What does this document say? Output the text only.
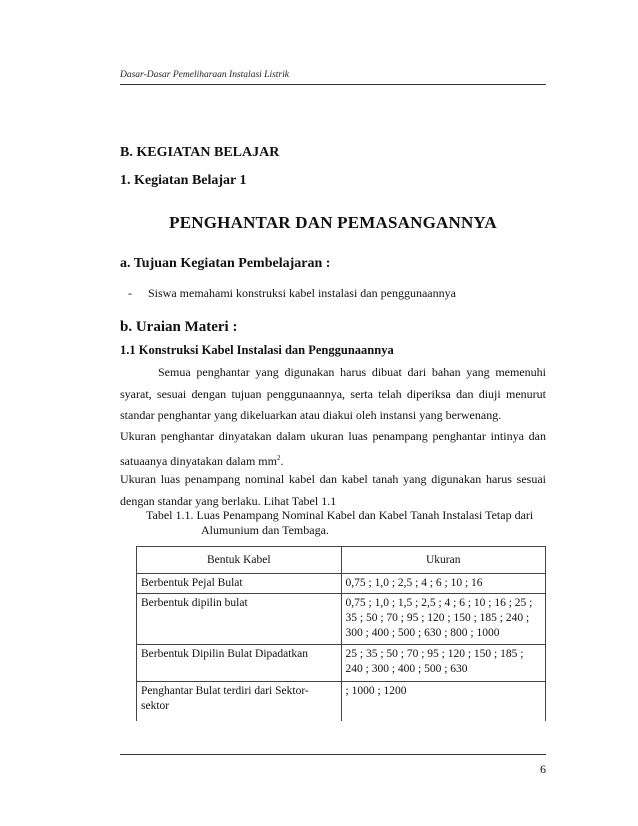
Dasar-Dasar Pemeliharaan Instalasi Listrik
B. KEGIATAN BELAJAR
1. Kegiatan Belajar 1
PENGHANTAR DAN PEMASANGANNYA
a. Tujuan Kegiatan Pembelajaran :
- Siswa memahami konstruksi kabel instalasi dan penggunaannya
b. Uraian Materi :
1.1 Konstruksi Kabel Instalasi dan Penggunaannya
Semua penghantar yang digunakan harus dibuat dari bahan yang memenuhi syarat, sesuai dengan tujuan penggunaannya, serta telah diperiksa dan diuji menurut standar penghantar yang dikeluarkan atau diakui oleh instansi yang berwenang.
Ukuran penghantar dinyatakan dalam ukuran luas penampang penghantar intinya dan satuaanya dinyatakan dalam $mm^2$.
Ukuran luas penampang nominal kabel dan kabel tanah yang digunakan harus sesuai dengan standar yang berlaku. Lihat Tabel 1.1
Tabel 1.1. Luas Penampang Nominal Kabel dan Kabel Tanah Instalasi Tetap dari
Alumunium dan Tembaga.
Bentuk Kabel	Ukuran
Berbentuk Pejal Bulat	0,75 ; 1,0 ; 2,5 ; 4 ; 6 ; 10 ; 16
Berbentuk dipilin bulat	0,75 ; 1,0 ; 1,5 ; 2,5 ; 4 ; 6 ; 10 ; 16 ; 25 ; 35 ; 50 ; 70 ; 95 ; 120 ; 150 ; 185 ; 240 ; 300 ; 400 ; 500 ; 630 ; 800 ; 1000
Berbentuk Dipilin Bulat Dipadatkan	25 ; 35 ; 50 ; 70 ; 95 ; 120 ; 150 ; 185 ; 240 ; 300 ; 400 ; 500 ; 630
Penghantar Bulat terdiri dari Sektor-sektor	; 1000 ; 1200
6
